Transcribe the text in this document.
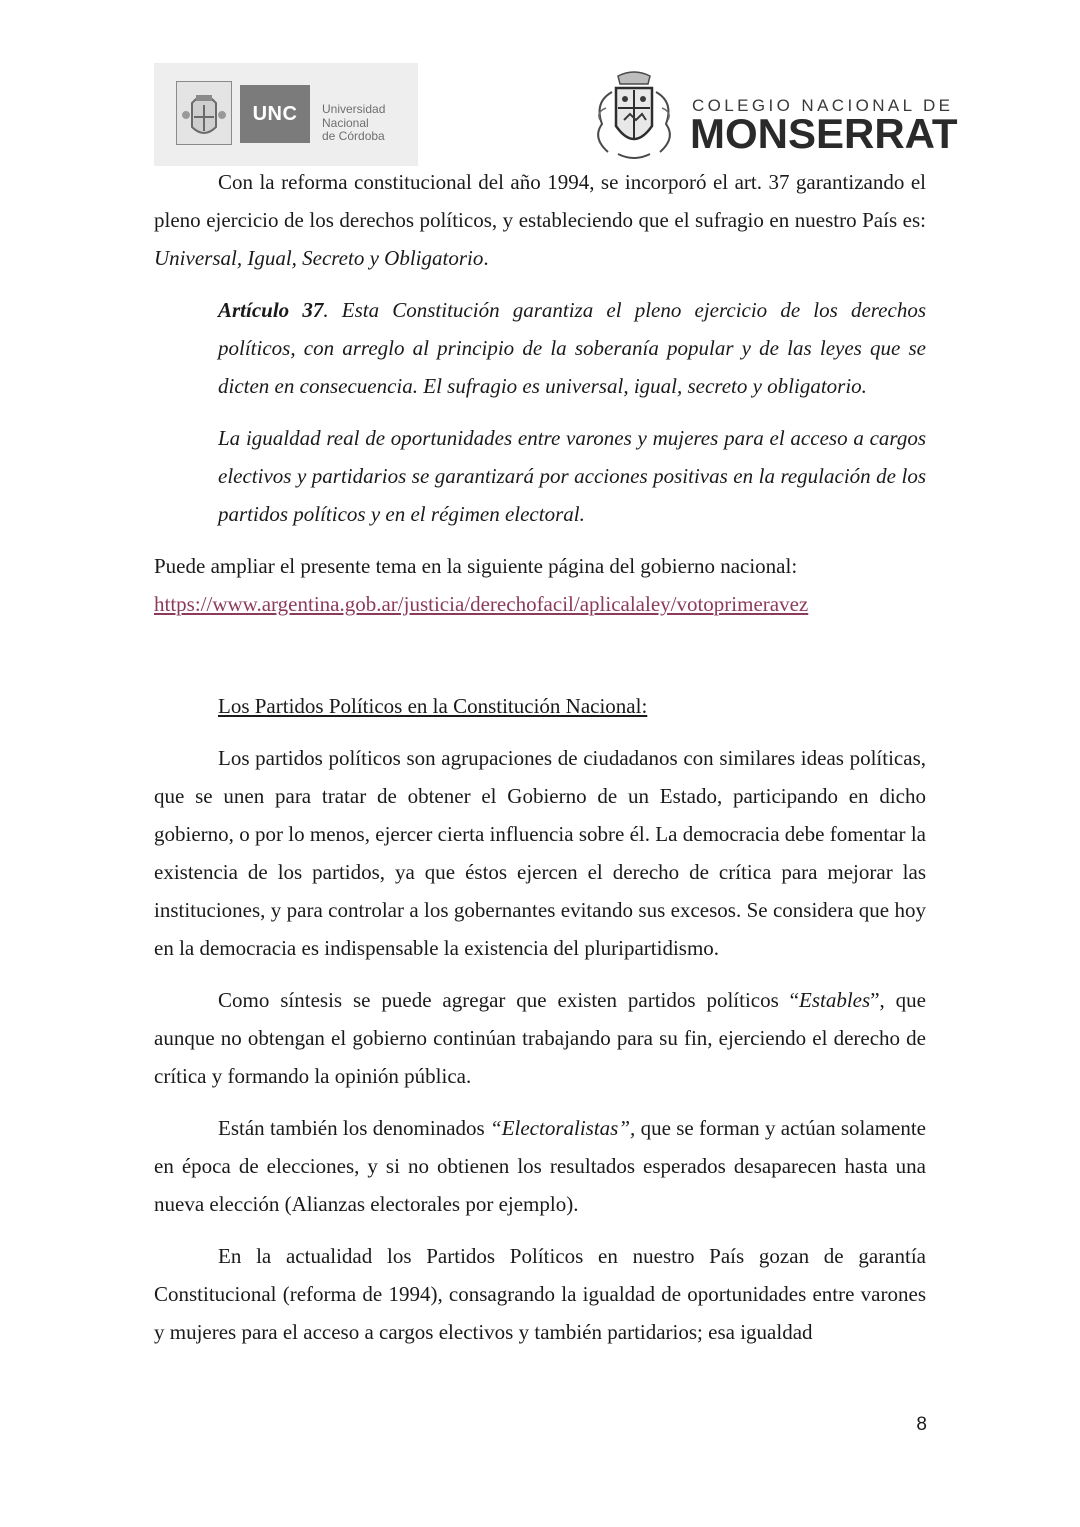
UNC	Universidad
Nacional
de Córdoba
COLEGIO NACIONAL DE
MONSERRAT

Con la reforma constitucional del año 1994, se incorporó el art. 37 garantizando el pleno ejercicio de los derechos políticos, y estableciendo que el sufragio en nuestro País es: Universal, Igual, Secreto y Obligatorio.

Artículo 37. Esta Constitución garantiza el pleno ejercicio de los derechos políticos, con arreglo al principio de la soberanía popular y de las leyes que se dicten en consecuencia. El sufragio es universal, igual, secreto y obligatorio.

La igualdad real de oportunidades entre varones y mujeres para el acceso a cargos electivos y partidarios se garantizará por acciones positivas en la regulación de los partidos políticos y en el régimen electoral.

Puede ampliar el presente tema en la siguiente página del gobierno nacional:
https://www.argentina.gob.ar/justicia/derechofacil/aplicalaley/votoprimeravez

Los Partidos Políticos en la Constitución Nacional:

Los partidos políticos son agrupaciones de ciudadanos con similares ideas políticas, que se unen para tratar de obtener el Gobierno de un Estado, participando en dicho gobierno, o por lo menos, ejercer cierta influencia sobre él. La democracia debe fomentar la existencia de los partidos, ya que éstos ejercen el derecho de crítica para mejorar las instituciones, y para controlar a los gobernantes evitando sus excesos. Se considera que hoy en la democracia es indispensable la existencia del pluripartidismo.

Como síntesis se puede agregar que existen partidos políticos “Estables”, que aunque no obtengan el gobierno continúan trabajando para su fin, ejerciendo el derecho de crítica y formando la opinión pública.

Están también los denominados “Electoralistas”, que se forman y actúan solamente en época de elecciones, y si no obtienen los resultados esperados desaparecen hasta una nueva elección (Alianzas electorales por ejemplo).

En la actualidad los Partidos Políticos en nuestro País gozan de garantía Constitucional (reforma de 1994), consagrando la igualdad de oportunidades entre varones y mujeres para el acceso a cargos electivos y también partidarios; esa igualdad

8
